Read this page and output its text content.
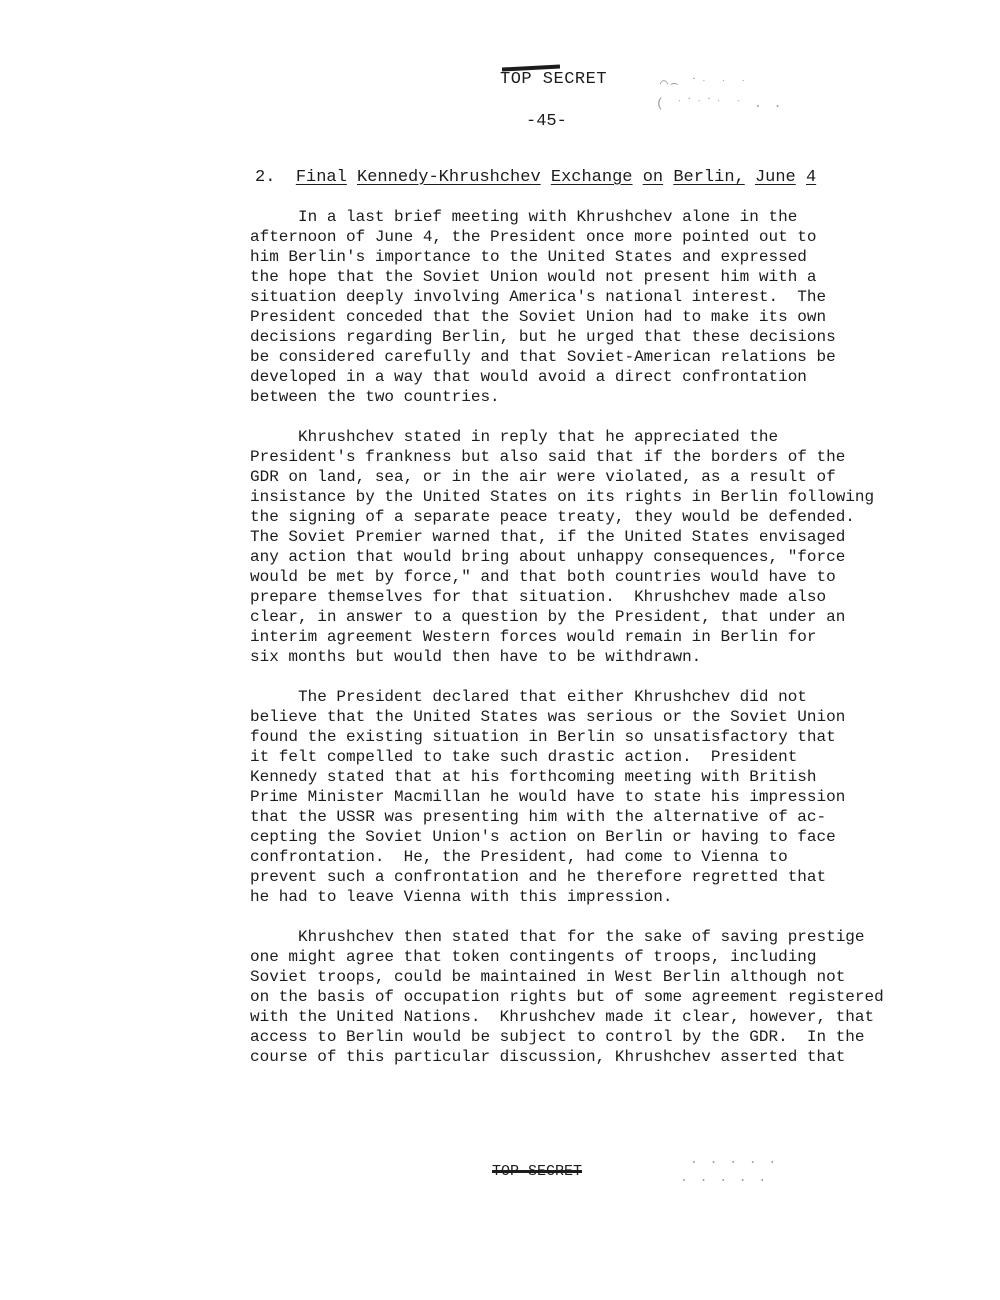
TOP SECRET	⌒⌢ ˙ˑ ˑ ˑ
( ˑ˙ˑ˙ˑ ˑ . .
-45-
2. Final Kennedy-Khrushchev Exchange on Berlin, June 4
In a last brief meeting with Khrushchev alone in the
afternoon of June 4, the President once more pointed out to
him Berlin's importance to the United States and expressed
the hope that the Soviet Union would not present him with a
situation deeply involving America's national interest.  The
President conceded that the Soviet Union had to make its own
decisions regarding Berlin, but he urged that these decisions
be considered carefully and that Soviet-American relations be
developed in a way that would avoid a direct confrontation
between the two countries.
Khrushchev stated in reply that he appreciated the
President's frankness but also said that if the borders of the
GDR on land, sea, or in the air were violated, as a result of
insistance by the United States on its rights in Berlin following
the signing of a separate peace treaty, they would be defended.
The Soviet Premier warned that, if the United States envisaged
any action that would bring about unhappy consequences, "force
would be met by force," and that both countries would have to
prepare themselves for that situation.  Khrushchev made also
clear, in answer to a question by the President, that under an
interim agreement Western forces would remain in Berlin for
six months but would then have to be withdrawn.
The President declared that either Khrushchev did not
believe that the United States was serious or the Soviet Union
found the existing situation in Berlin so unsatisfactory that
it felt compelled to take such drastic action.  President
Kennedy stated that at his forthcoming meeting with British
Prime Minister Macmillan he would have to state his impression
that the USSR was presenting him with the alternative of ac-
cepting the Soviet Union's action on Berlin or having to face
confrontation.  He, the President, had come to Vienna to
prevent such a confrontation and he therefore regretted that
he had to leave Vienna with this impression.
Khrushchev then stated that for the sake of saving prestige
one might agree that token contingents of troops, including
Soviet troops, could be maintained in West Berlin although not
on the basis of occupation rights but of some agreement registered
with the United Nations.  Khrushchev made it clear, however, that
access to Berlin would be subject to control by the GDR.  In the
course of this particular discussion, Khrushchev asserted that
TOP SECRET
. . . . .
. . . . .
